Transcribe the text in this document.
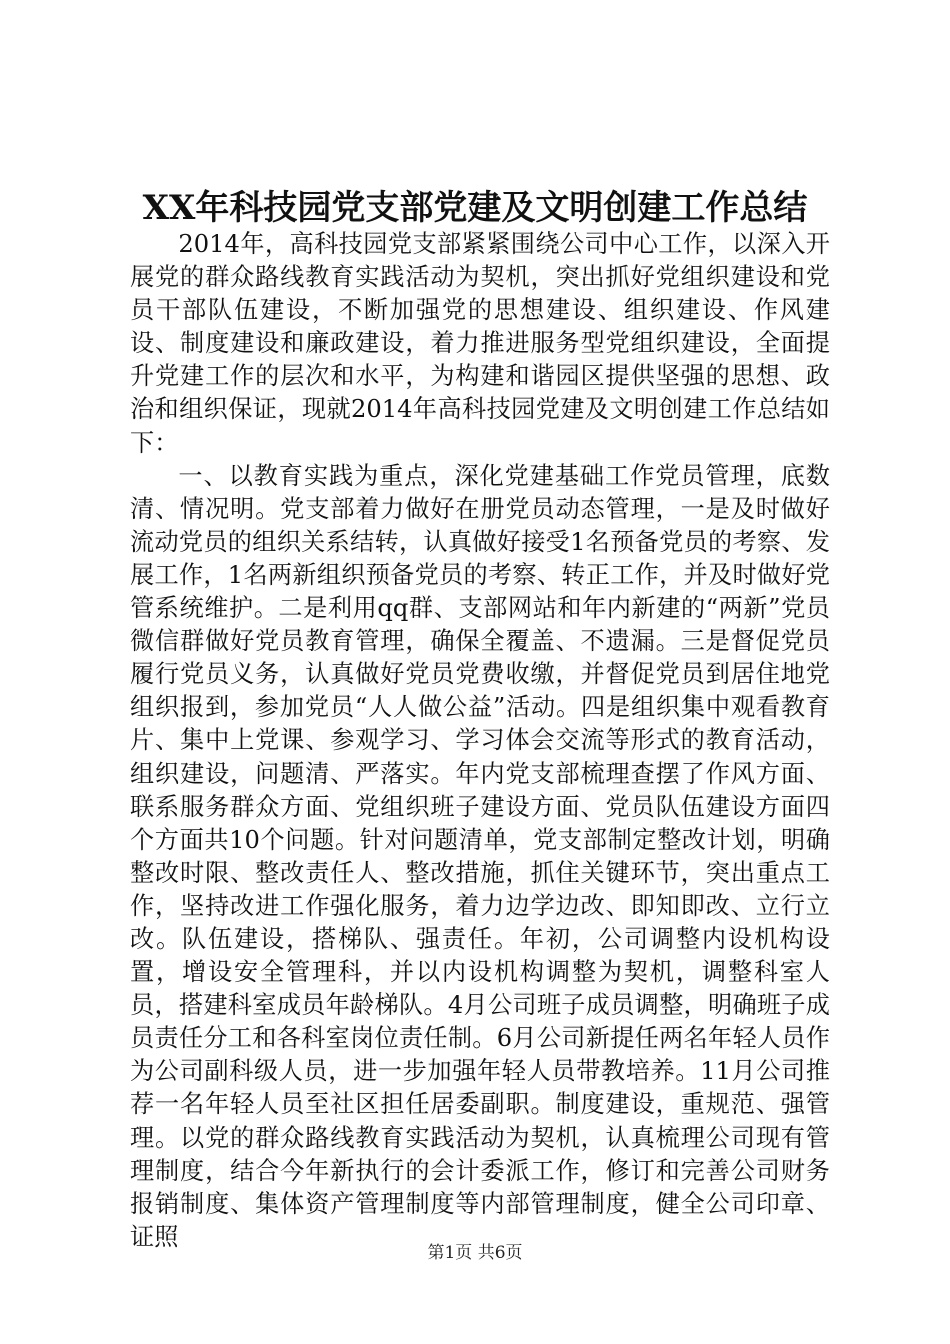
XX年科技园党支部党建及文明创建工作总结

2014年，高科技园党支部紧紧围绕公司中心工作，以深入开展党的群众路线教育实践活动为契机，突出抓好党组织建设和党员干部队伍建设，不断加强党的思想建设、组织建设、作风建设、制度建设和廉政建设，着力推进服务型党组织建设，全面提升党建工作的层次和水平，为构建和谐园区提供坚强的思想、政治和组织保证，现就2014年高科技园党建及文明创建工作总结如下：

一、以教育实践为重点，深化党建基础工作党员管理，底数清、情况明。党支部着力做好在册党员动态管理，一是及时做好流动党员的组织关系结转，认真做好接受1名预备党员的考察、发展工作，1名两新组织预备党员的考察、转正工作，并及时做好党管系统维护。二是利用qq群、支部网站和年内新建的“两新”党员微信群做好党员教育管理，确保全覆盖、不遗漏。三是督促党员履行党员义务，认真做好党员党费收缴，并督促党员到居住地党组织报到，参加党员“人人做公益”活动。四是组织集中观看教育片、集中上党课、参观学习、学习体会交流等形式的教育活动，组织建设，问题清、严落实。年内党支部梳理查摆了作风方面、联系服务群众方面、党组织班子建设方面、党员队伍建设方面四个方面共10个问题。针对问题清单，党支部制定整改计划，明确整改时限、整改责任人、整改措施，抓住关键环节，突出重点工作，坚持改进工作强化服务，着力边学边改、即知即改、立行立改。队伍建设，搭梯队、强责任。年初，公司调整内设机构设置，增设安全管理科，并以内设机构调整为契机，调整科室人员，搭建科室成员年龄梯队。4月公司班子成员调整，明确班子成员责任分工和各科室岗位责任制。6月公司新提任两名年轻人员作为公司副科级人员，进一步加强年轻人员带教培养。11月公司推荐一名年轻人员至社区担任居委副职。制度建设，重规范、强管理。以党的群众路线教育实践活动为契机，认真梳理公司现有管理制度，结合今年新执行的会计委派工作，修订和完善公司财务报销制度、集体资产管理制度等内部管理制度，健全公司印章、证照

第1页 共6页
